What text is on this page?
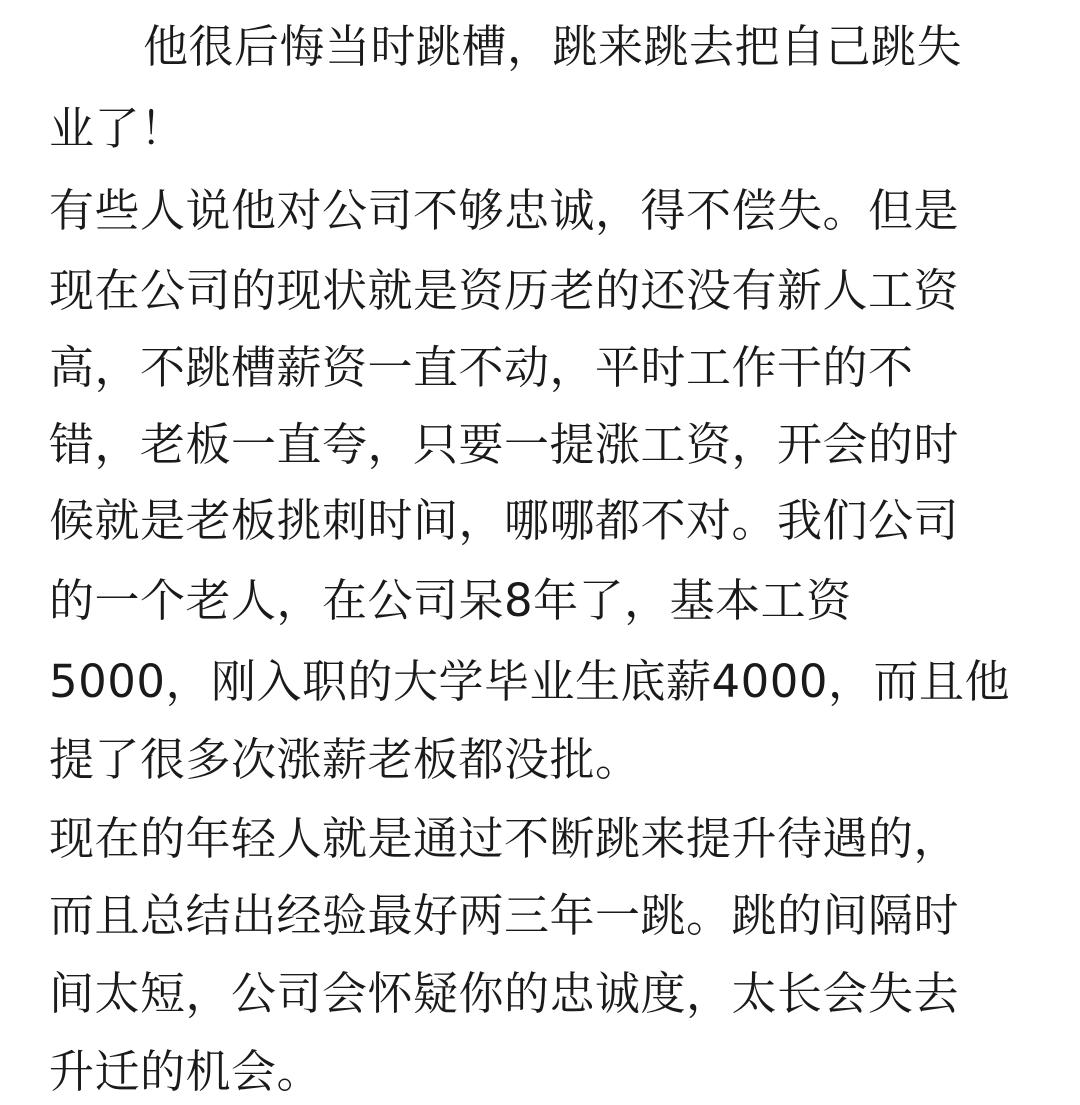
他很后悔当时跳槽，跳来跳去把自己跳失

业了！

有些人说他对公司不够忠诚，得不偿失。但是

现在公司的现状就是资历老的还没有新人工资

高，不跳槽薪资一直不动，平时工作干的不

错，老板一直夸，只要一提涨工资，开会的时

候就是老板挑刺时间，哪哪都不对。我们公司

的一个老人，在公司呆8年了，基本工资

5000，刚入职的大学毕业生底薪4000，而且他

提了很多次涨薪老板都没批。

现在的年轻人就是通过不断跳来提升待遇的，

而且总结出经验最好两三年一跳。跳的间隔时

间太短，公司会怀疑你的忠诚度，太长会失去

升迁的机会。
